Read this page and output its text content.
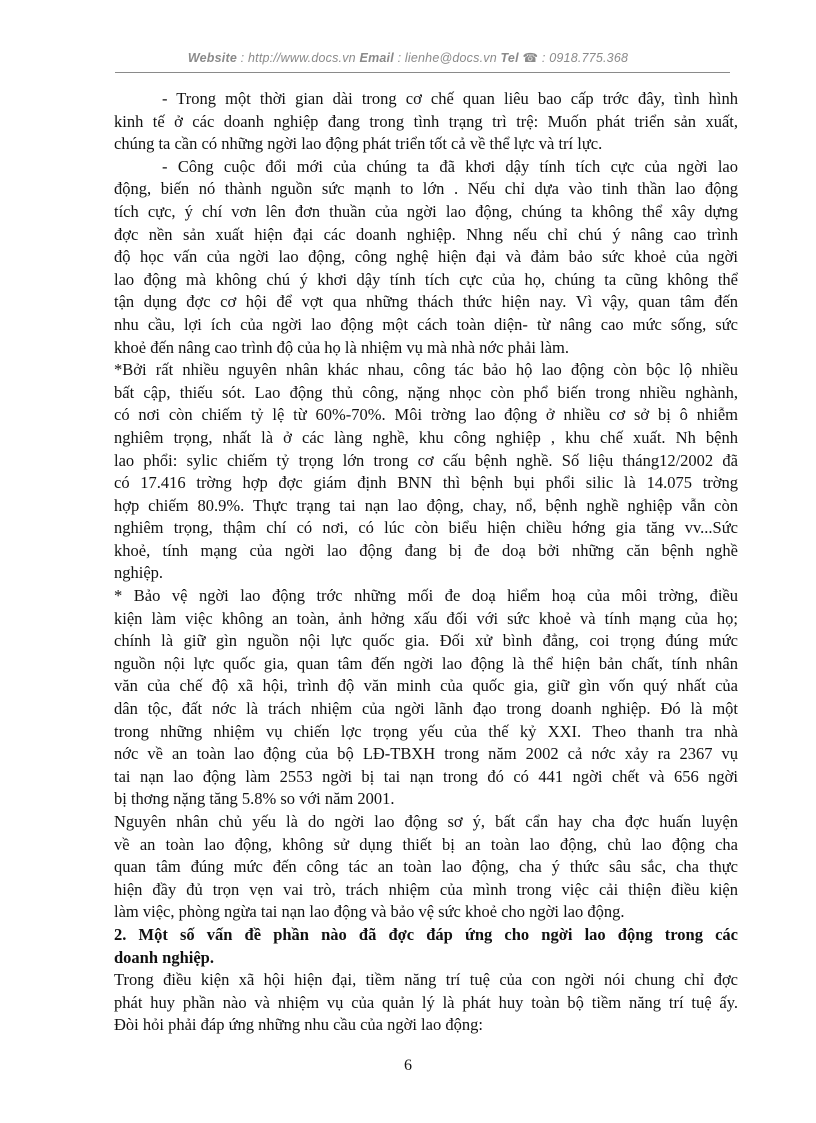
Website : http://www.docs.vn Email : lienhe@docs.vn Tel ☎ : 0918.775.368
- Trong một thời gian dài trong cơ chế quan liêu bao cấp trớc đây, tình hình
kinh tế ở các doanh nghiệp đang trong tình trạng trì trệ: Muốn phát triển sản xuất,
chúng ta cần có những ngời lao động phát triển tốt cả về thể lực và trí lực.
- Công cuộc đổi mới của chúng ta đã khơi dậy tính tích cực của ngời lao
động, biến nó thành nguồn sức mạnh to lớn . Nếu chỉ dựa vào tinh thần lao động
tích cực, ý chí vơn lên đơn thuần của ngời lao động, chúng ta không thể xây dựng
đợc nền sản xuất hiện đại các doanh nghiệp. Nhng nếu chỉ chú ý nâng cao trình
độ học vấn của ngời lao động, công nghệ hiện đại và đảm bảo sức khoẻ của ngời
lao động mà không chú ý khơi dậy tính tích cực của họ, chúng ta cũng không thể
tận dụng đợc cơ hội để vợt qua những thách thức hiện nay. Vì vậy, quan tâm đến
nhu cầu, lợi ích của ngời lao động một cách toàn diện- từ nâng cao mức sống, sức
khoẻ đến nâng cao trình độ của họ là nhiệm vụ mà nhà nớc phải làm.
*Bởi rất nhiều nguyên nhân khác nhau, công tác bảo hộ lao động còn bộc lộ nhiều
bất cập, thiếu sót. Lao động thủ công, nặng nhọc còn phổ biến trong nhiều nghành,
có nơi còn chiếm tỷ lệ từ 60%-70%. Môi trờng lao động ở nhiều cơ sở bị ô nhiễm
nghiêm trọng, nhất là ở các làng nghề, khu công nghiệp , khu chế xuất. Nh bệnh
lao phổi: sylic chiếm tỷ trọng lớn trong cơ cấu bệnh nghề. Số liệu tháng12/2002 đã
có 17.416 trờng hợp đợc giám định BNN thì bệnh bụi phổi silic là 14.075 trờng
hợp chiếm 80.9%. Thực trạng tai nạn lao động, chay, nổ, bệnh nghề nghiệp vẫn còn
nghiêm trọng, thậm chí có nơi, có lúc còn biểu hiện chiều hớng gia tăng vv...Sức
khoẻ, tính mạng của ngời lao động đang bị đe doạ bởi những căn bệnh nghề
nghiệp.
* Bảo vệ ngời lao động trớc những mối đe doạ hiểm hoạ của môi trờng, điều
kiện làm việc không an toàn, ảnh hởng xấu đối với sức khoẻ và tính mạng của họ;
chính là giữ gìn nguồn nội lực quốc gia. Đối xử bình đẳng, coi trọng đúng mức
nguồn nội lực quốc gia, quan tâm đến ngời lao động là thể hiện bản chất, tính nhân
văn của chế độ xã hội, trình độ văn minh của quốc gia, giữ gìn vốn quý nhất của
dân tộc, đất nớc là trách nhiệm của ngời lãnh đạo trong doanh nghiệp. Đó là một
trong những nhiệm vụ chiến lợc trọng yếu của thế kỷ XXI. Theo thanh tra nhà
nớc về an toàn lao động của bộ LĐ-TBXH trong năm 2002 cả nớc xảy ra 2367 vụ
tai nạn lao động làm 2553 ngời bị tai nạn trong đó có 441 ngời chết và 656 ngời
bị thơng nặng tăng 5.8% so với năm 2001.
Nguyên nhân chủ yếu là do ngời lao động sơ ý, bất cẩn hay cha đợc huấn luyện
về an toàn lao động, không sử dụng thiết bị an toàn lao động, chủ lao động cha
quan tâm đúng mức đến công tác an toàn lao động, cha ý thức sâu sắc, cha thực
hiện đầy đủ trọn vẹn vai trò, trách nhiệm của mình trong việc cải thiện điều kiện
làm việc, phòng ngừa tai nạn lao động và bảo vệ sức khoẻ cho ngời lao động.
2. Một số vấn đề phần nào đã đợc đáp ứng cho ngời lao động trong các
doanh nghiệp.
Trong điều kiện xã hội hiện đại, tiềm năng trí tuệ của con ngời nói chung chỉ đợc
phát huy phần nào và nhiệm vụ của quản lý là phát huy toàn bộ tiềm năng trí tuệ ấy.
Đòi hỏi phải đáp ứng những nhu cầu của ngời lao động:
6
